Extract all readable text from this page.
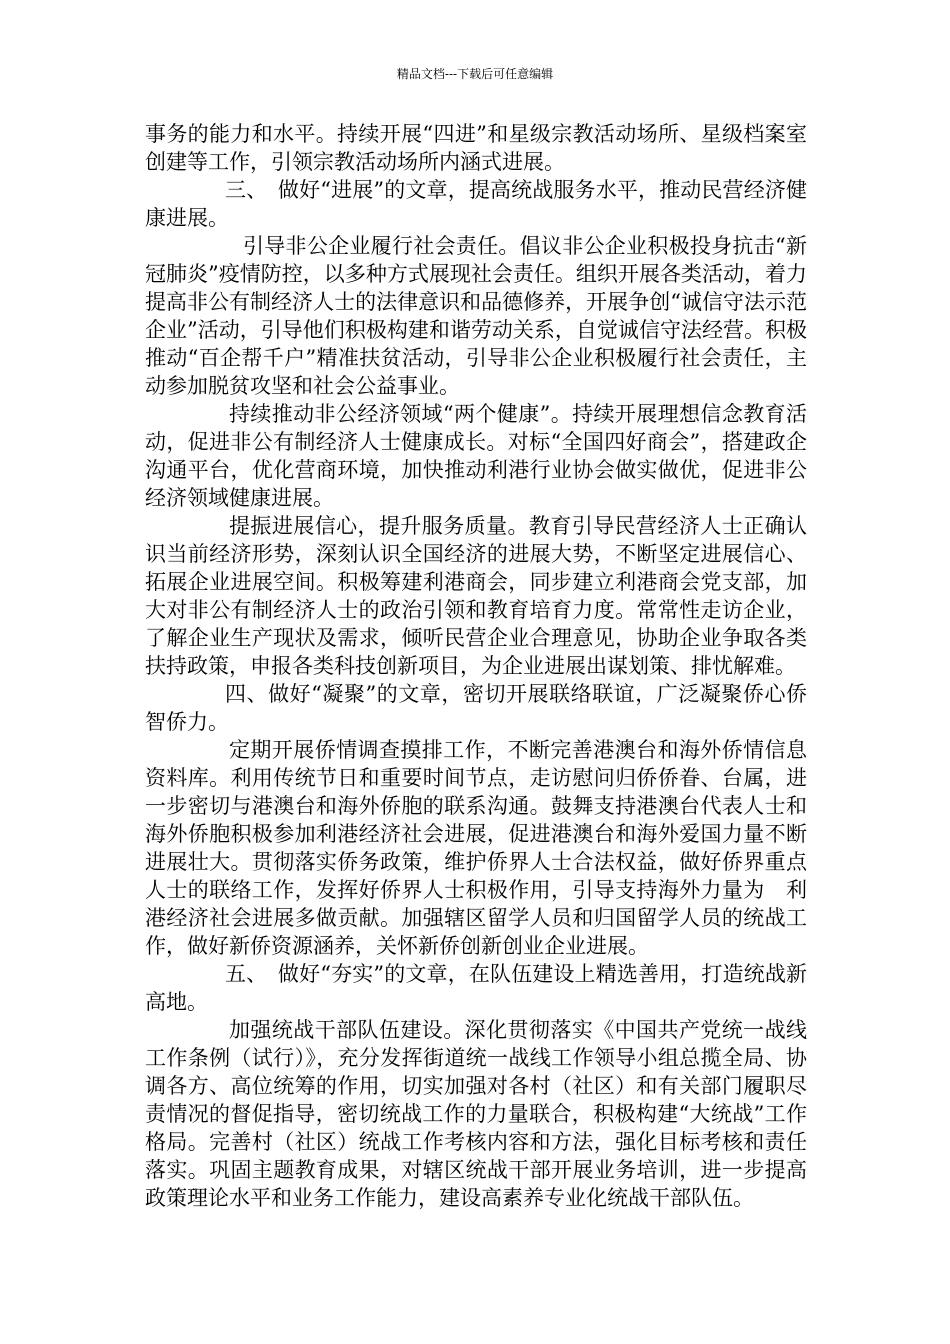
精品文档---下载后可任意编辑

事务的能力和水平。持续开展“四进”和星级宗教活动场所、星级档案室创建等工作，引领宗教活动场所内涵式进展。

三、　做好“进展”的文章，提高统战服务水平，推动民营经济健康进展。

引导非公企业履行社会责任。倡议非公企业积极投身抗击“新冠肺炎”疫情防控，以多种方式展现社会责任。组织开展各类活动，着力提高非公有制经济人士的法律意识和品德修养，开展争创“诚信守法示范企业”活动，引导他们积极构建和谐劳动关系，自觉诚信守法经营。积极推动“百企帮千户”精准扶贫活动，引导非公企业积极履行社会责任，主动参加脱贫攻坚和社会公益事业。

持续推动非公经济领域“两个健康”。持续开展理想信念教育活动，促进非公有制经济人士健康成长。对标“全国四好商会”，搭建政企沟通平台，优化营商环境，加快推动利港行业协会做实做优，促进非公经济领域健康进展。

提振进展信心，提升服务质量。教育引导民营经济人士正确认识当前经济形势，深刻认识全国经济的进展大势，不断坚定进展信心、拓展企业进展空间。积极筹建利港商会，同步建立利港商会党支部，加大对非公有制经济人士的政治引领和教育培育力度。常常性走访企业，了解企业生产现状及需求，倾听民营企业合理意见，协助企业争取各类扶持政策，申报各类科技创新项目，为企业进展出谋划策、排忧解难。

四、做好“凝聚”的文章，密切开展联络联谊，广泛凝聚侨心侨智侨力。

定期开展侨情调查摸排工作，不断完善港澳台和海外侨情信息资料库。利用传统节日和重要时间节点，走访慰问归侨侨眷、台属，进一步密切与港澳台和海外侨胞的联系沟通。鼓舞支持港澳台代表人士和海外侨胞积极参加利港经济社会进展，促进港澳台和海外爱国力量不断进展壮大。贯彻落实侨务政策，维护侨界人士合法权益，做好侨界重点人士的联络工作，发挥好侨界人士积极作用，引导支持海外力量为　利港经济社会进展多做贡献。加强辖区留学人员和归国留学人员的统战工作，做好新侨资源涵养，关怀新侨创新创业企业进展。

五、　做好“夯实”的文章，在队伍建设上精选善用，打造统战新高地。

加强统战干部队伍建设。深化贯彻落实《中国共产党统一战线工作条例（试行）》，充分发挥街道统一战线工作领导小组总揽全局、协调各方、高位统筹的作用，切实加强对各村（社区）和有关部门履职尽责情况的督促指导，密切统战工作的力量联合，积极构建“大统战”工作格局。完善村（社区）统战工作考核内容和方法，强化目标考核和责任落实。巩固主题教育成果，对辖区统战干部开展业务培训，进一步提高政策理论水平和业务工作能力，建设高素养专业化统战干部队伍。
